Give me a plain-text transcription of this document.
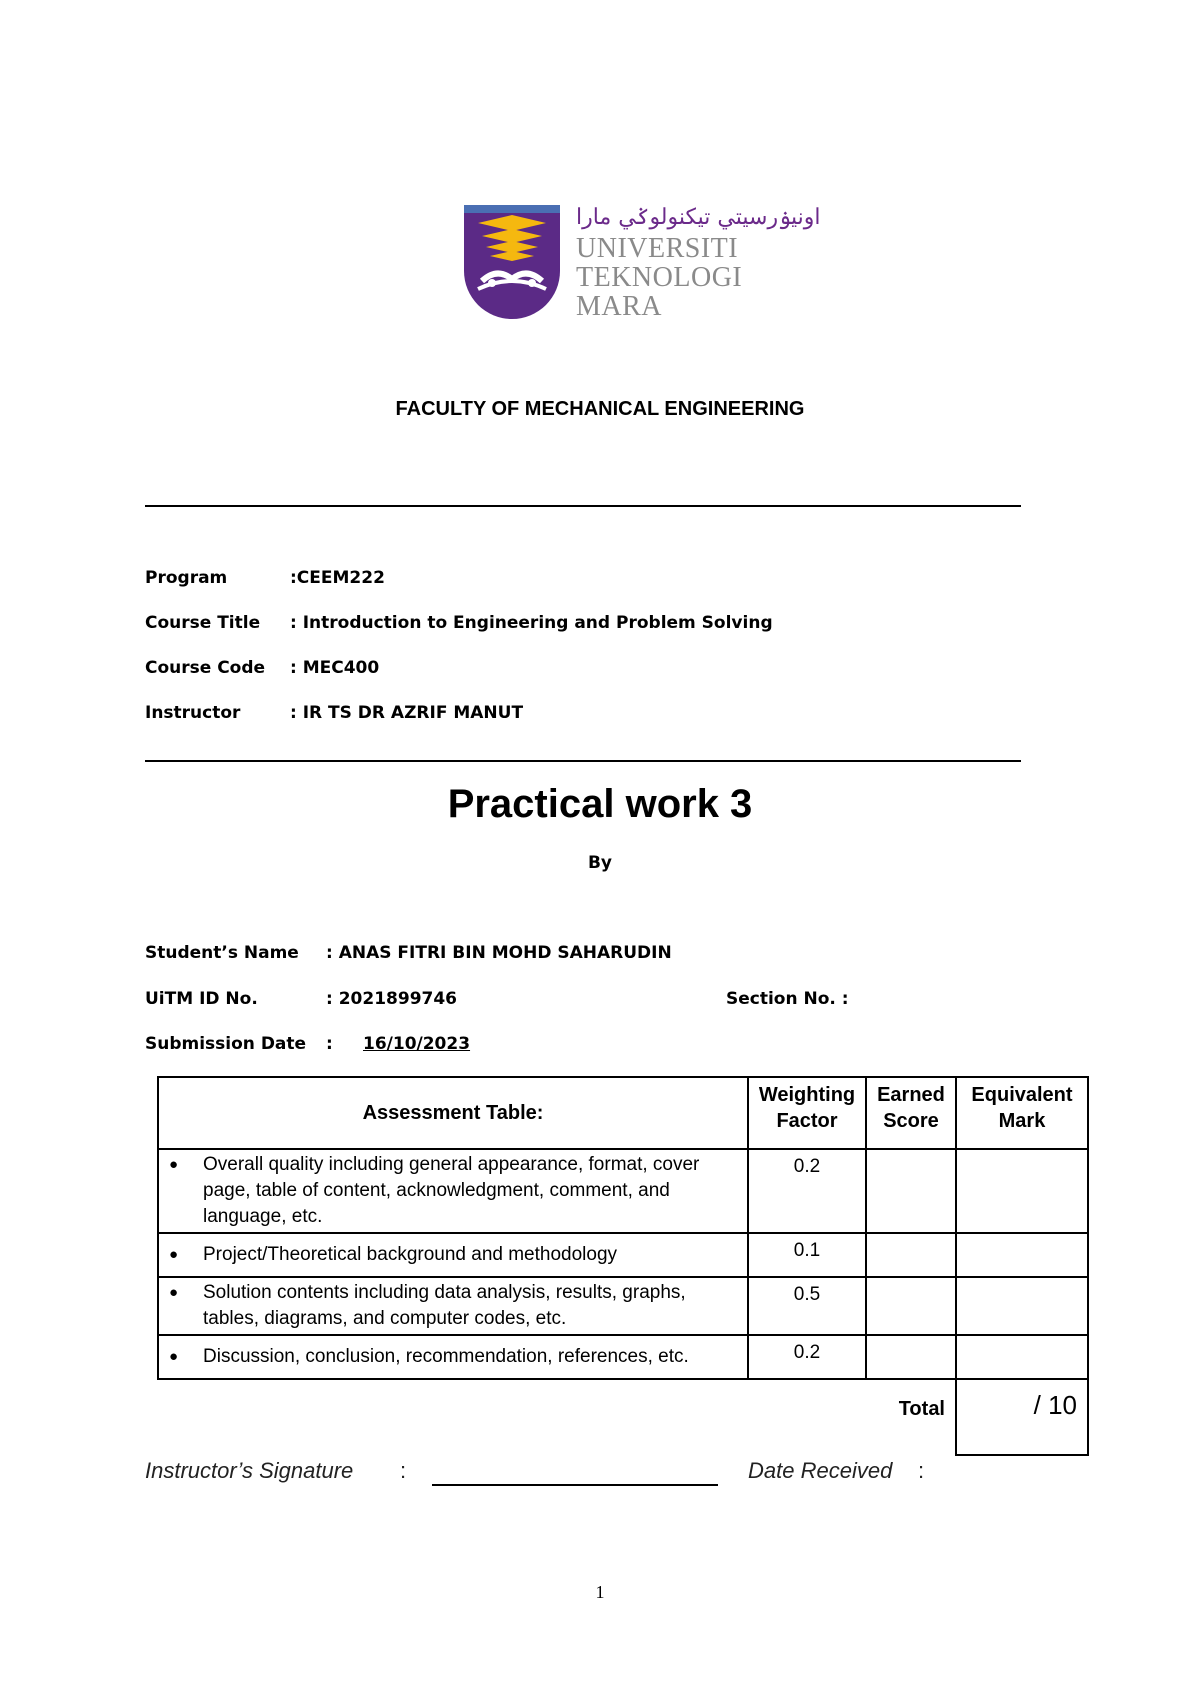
اونيۏرسيتي تيكنولوݢي مارا
UNIVERSITI
TEKNOLOGI
MARA
FACULTY OF MECHANICAL ENGINEERING
Program	:CEEM222
Course Title : Introduction to Engineering and Problem Solving
Course Code : MEC400
Instructor	: IR TS DR AZRIF MANUT
Practical work 3
By
Student’s Name : ANAS FITRI BIN MOHD SAHARUDIN
UiTM ID No.	: 2021899746	Section No. :
Submission Date : 16/10/2023
Assessment Table:	Weighting Factor	Earned Score	Equivalent Mark
● Overall quality including general appearance, format, cover page, table of content, acknowledgment, comment, and language, etc.	0.2		
● Project/Theoretical background and methodology	0.1		
● Solution contents including data analysis, results, graphs, tables, diagrams, and computer codes, etc.	0.5		
● Discussion, conclusion, recommendation, references, etc.	0.2		
		Total	/ 10
Instructor’s Signature :	Date Received :
1
